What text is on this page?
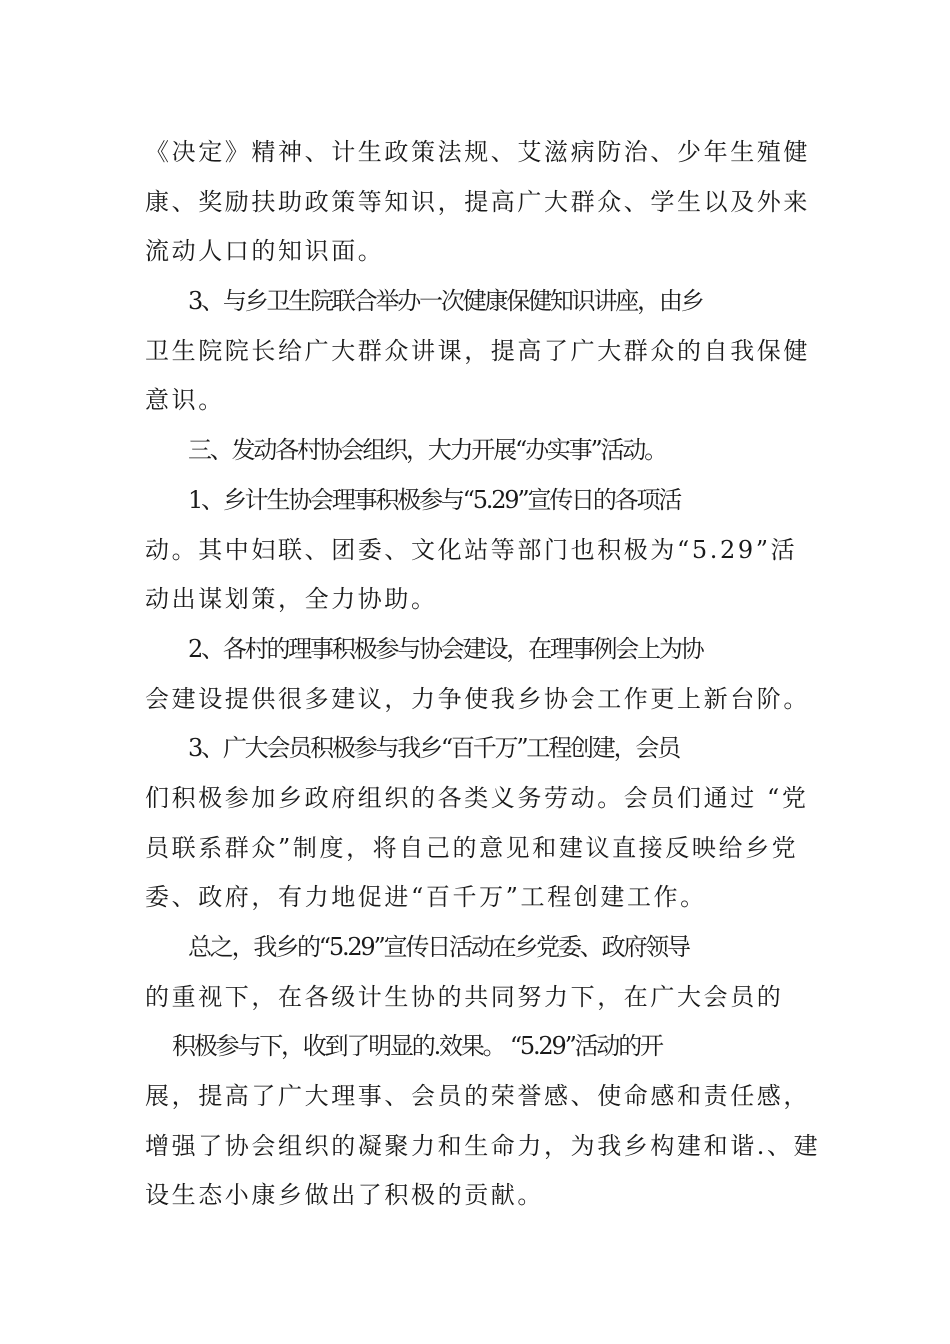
《决定》精神、计生政策法规、艾滋病防治、少年生殖健

康、奖励扶助政策等知识，提高广大群众、学生以及外来

流动人口的知识面。

3、与乡卫生院联合举办一次健康保健知识讲座，由乡

卫生院院长给广大群众讲课，提高了广大群众的自我保健

意识。

三、发动各村协会组织，大力开展“办实事”活动。

1、乡计生协会理事积极参与“5.29”宣传日的各项活

动。其中妇联、团委、文化站等部门也积极为“5.29”活

动出谋划策，全力协助。

2、各村的理事积极参与协会建设，在理事例会上为协

会建设提供很多建议，力争使我乡协会工作更上新台阶。

3、广大会员积极参与我乡“百千万”工程创建，会员

们积极参加乡政府组织的各类义务劳动。会员们通过 “党

员联系群众”制度，将自己的意见和建议直接反映给乡党

委、政府，有力地促进“百千万”工程创建工作。

总之，我乡的“5.29”宣传日活动在乡党委、政府领导

的重视下，在各级计生协的共同努力下，在广大会员的

积极参与下，收到了明显的.效果。 “5.29”活动的开

展，提高了广大理事、会员的荣誉感、使命感和责任感，

增强了协会组织的凝聚力和生命力，为我乡构建和谐.、建

设生态小康乡做出了积极的贡献。
